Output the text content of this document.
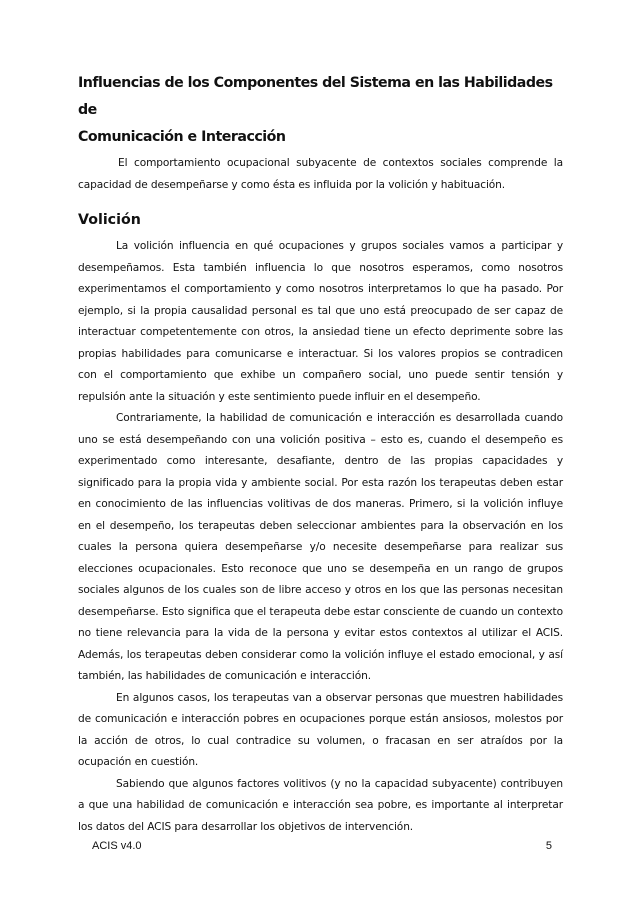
Influencias de los Componentes del Sistema en las Habilidades de
Comunicación e Interacción

El comportamiento ocupacional subyacente de contextos sociales comprende la capacidad de desempeñarse y como ésta es influida por la volición y habituación.

Volición

La volición influencia en qué ocupaciones y grupos sociales vamos a participar y desempeñamos. Esta también influencia lo que nosotros esperamos, como nosotros experimentamos el comportamiento y como nosotros interpretamos lo que ha pasado. Por ejemplo, si la propia causalidad personal es tal que uno está preocupado de ser capaz de interactuar competentemente con otros, la ansiedad tiene un efecto deprimente sobre las propias habilidades para comunicarse e interactuar. Si los valores propios se contradicen con el comportamiento que exhibe un compañero social, uno puede sentir tensión y repulsión ante la situación y este sentimiento puede influir en el desempeño.

Contrariamente, la habilidad de comunicación e interacción es desarrollada cuando uno se está desempeñando con una volición positiva – esto es, cuando el desempeño es experimentado como interesante, desafiante, dentro de las propias capacidades y significado para la propia vida y ambiente social. Por esta razón los terapeutas deben estar en conocimiento de las influencias volitivas de dos maneras. Primero, si la volición influye en el desempeño, los terapeutas deben seleccionar ambientes para la observación en los cuales la persona quiera desempeñarse y/o necesite desempeñarse para realizar sus elecciones ocupacionales. Esto reconoce que uno se desempeña en un rango de grupos sociales algunos de los cuales son de libre acceso y otros en los que las personas necesitan desempeñarse. Esto significa que el terapeuta debe estar consciente de cuando un contexto no tiene relevancia para la vida de la persona y evitar estos contextos al utilizar el ACIS. Además, los terapeutas deben considerar como la volición influye el estado emocional, y así también, las habilidades de comunicación e interacción.

En algunos casos, los terapeutas van a observar personas que muestren habilidades de comunicación e interacción pobres en ocupaciones porque están ansiosos, molestos por la acción de otros, lo cual contradice su volumen, o fracasan en ser atraídos por la ocupación en cuestión.

Sabiendo que algunos factores volitivos (y no la capacidad subyacente) contribuyen a que una habilidad de comunicación e interacción sea pobre, es importante al interpretar los datos del ACIS para desarrollar los objetivos de intervención.

ACIS v4.0	5
